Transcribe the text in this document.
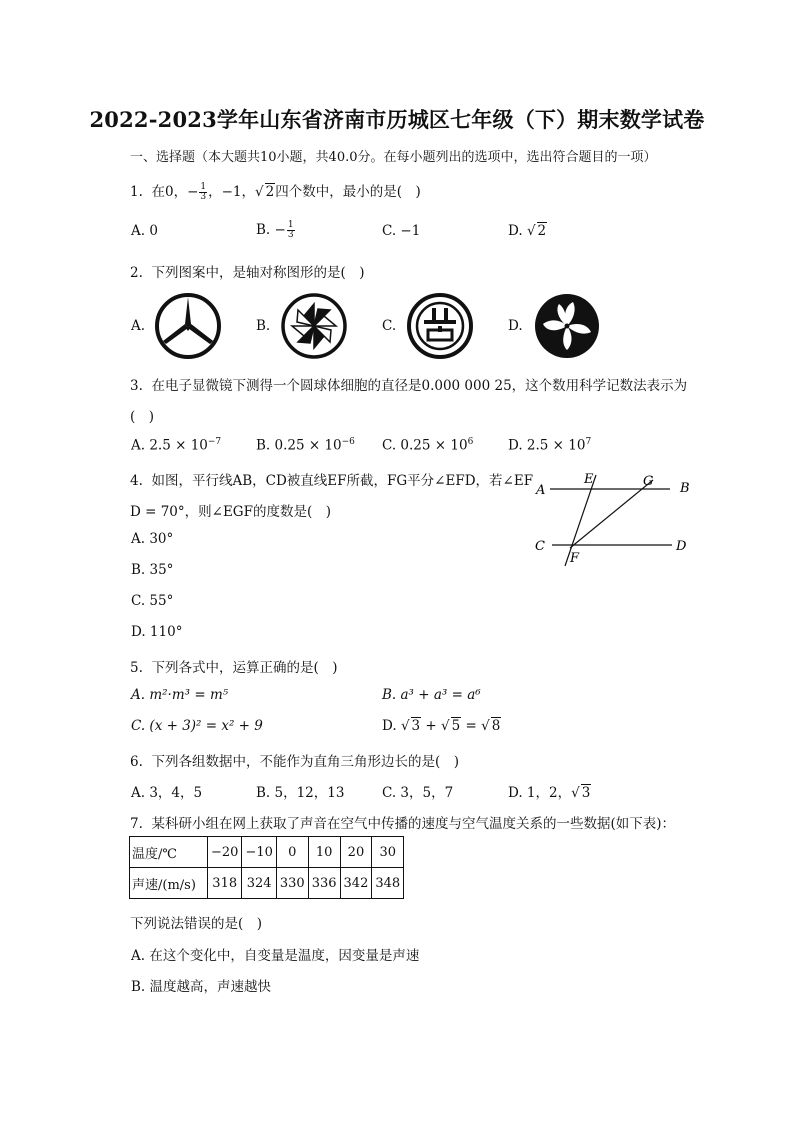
2022-2023学年山东省济南市历城区七年级（下）期末数学试卷
一、选择题（本大题共10小题，共40.0分。在每小题列出的选项中，选出符合题目的一项）
1. 在0，− $\frac{1}{3}$ ，−1，√ 2四个数中，最小的是(　)
A. 0	B. − $\frac{1}{3}$	C. −1	D. √ 2
2. 下列图案中，是轴对称图形的是(　)
A.	B.	C.	D.
3. 在电子显微镜下测得一个圆球体细胞的直径是0.000 000 25，这个数用科学记数法表示为
(　)
A. $2.5 \times 10^{-7}$	B. $0.25 \times 10^{-6}$ C. $0.25 \times 10^6$	D. $2.5 \times 10^7$
4. 如图，平行线AB，CD被直线EF所截，FG平分∠EFD，若∠EF
D = 70°，则∠EGF的度数是(　)
A. 30°
B. 35°
C. 55°
D. 110°
A	B
C	D
E
F
G
5. 下列各式中，运算正确的是(　)
A. m²·m³ = m⁵	B. a³ + a³ = a⁶
C. (x + 3)² = x² + 9	D. √ 3 + √ 5 = √ 8
6. 下列各组数据中，不能作为直角三角形边长的是(　)
A. 3，4，5	B. 5，12，13	C. 3，5，7	D. 1，2，√ 3
7. 某科研小组在网上获取了声音在空气中传播的速度与空气温度关系的一些数据(如下表)：
温度/℃	−20	−10	0	10	20	30
声速/(m/s)	318	324	330	336	342	348
下列说法错误的是(　)
A. 在这个变化中，自变量是温度，因变量是声速
B. 温度越高，声速越快
